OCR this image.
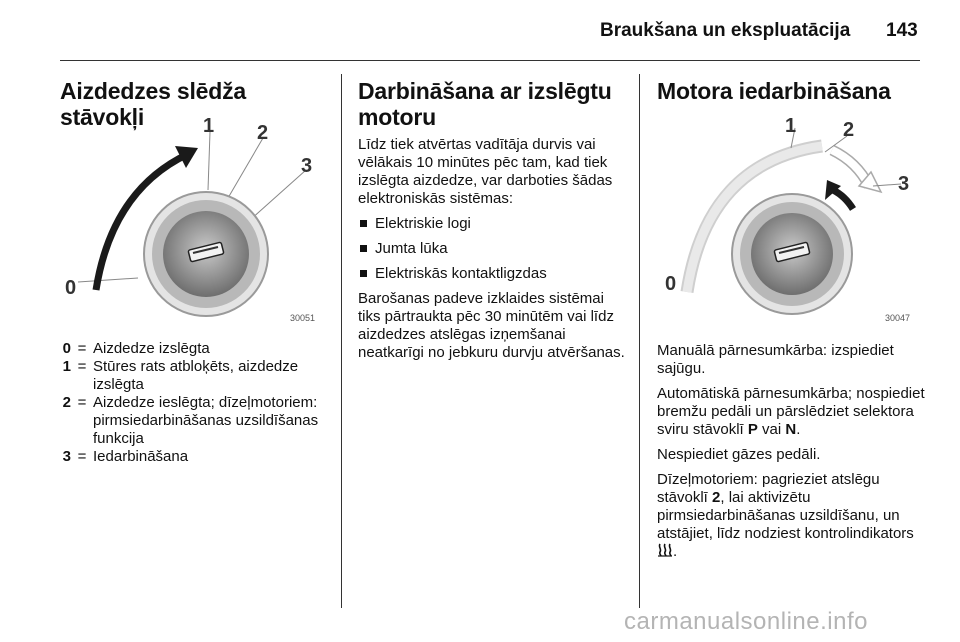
Braukšana un ekspluatācija 143
Aizdedzes slēdža stāvokļi	1 2
3
0
30051
0 = Aizdedze izslēgta
1 = Stūres rats atbloķēts, aizdedze izslēgta
2 = Aizdedze ieslēgta; dīzeļmotoriem: pirmsiedarbināšanas uzsildīšanas funkcija
3 = Iedarbināšana
Darbināšana ar izslēgtu motoru

Līdz tiek atvērtas vadītāja durvis vai vēlākais 10 minūtes pēc tam, kad tiek izslēgta aizdedze, var darboties šādas elektroniskās sistēmas:

Elektriskie logi
Jumta lūka
Elektriskās kontaktligzdas

Barošanas padeve izklaides sistēmai tiks pārtraukta pēc 30 minūtēm vai līdz aizdedzes atslēgas izņemšanai neatkarīgi no jebkuru durvju atvēršanas.

Motora iedarbināšana
1 2
3
0
30047

Manuālā pārnesumkārba: izspiediet sajūgu.

Automātiskā pārnesumkārba; nospiediet bremžu pedāli un pārslēdziet selektora sviru stāvoklī P vai N.

Nespiediet gāzes pedāli.

Dīzeļmotoriem: pagrieziet atslēgu stāvoklī 2, lai aktivizētu pirmsiedarbināšanas uzsildīšanu, un atstājiet, līdz nodziest kontrolindikators .

carmanualsonline.info
